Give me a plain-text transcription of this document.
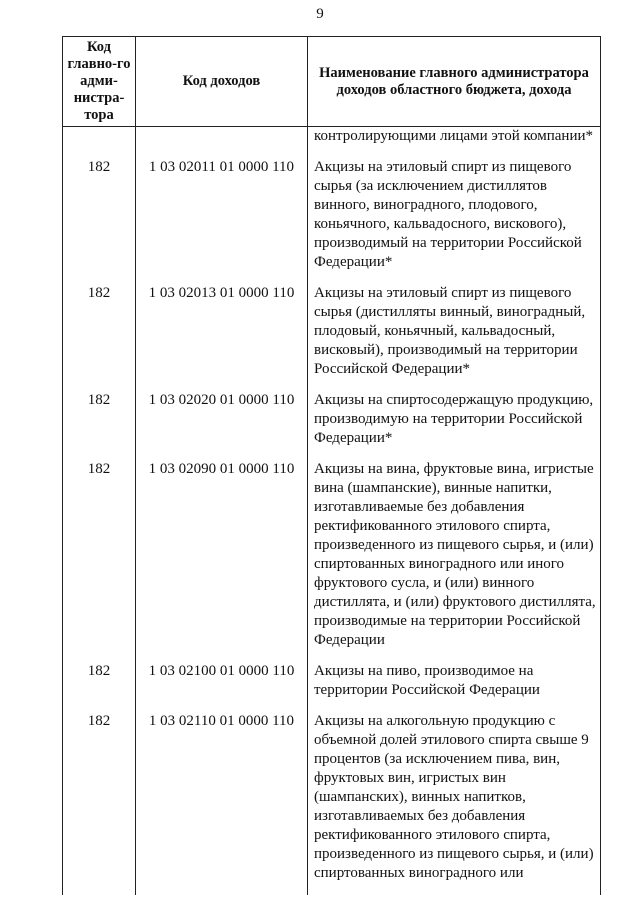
9
Код главно-го адми-нистра-тора	Код доходов	Наименование главного администратора доходов областного бюджета, дохода
		контролирующими лицами этой компании*
182	1 03 02011 01 0000 110	Акцизы на этиловый спирт из пищевого сырья (за исключением дистиллятов винного, виноградного, плодового, коньячного, кальвадосного, вискового), производимый на территории Российской Федерации*
182	1 03 02013 01 0000 110	Акцизы на этиловый спирт из пищевого сырья (дистилляты винный, виноградный, плодовый, коньячный, кальвадосный, висковый), производимый на территории Российской Федерации*
182	1 03 02020 01 0000 110	Акцизы на спиртосодержащую продукцию, производимую на территории Российской Федерации*
182	1 03 02090 01 0000 110	Акцизы на вина, фруктовые вина, игристые вина (шампанские), винные напитки, изготавливаемые без добавления ректификованного этилового спирта, произведенного из пищевого сырья, и (или) спиртованных виноградного или иного фруктового сусла, и (или) винного дистиллята, и (или) фруктового дистиллята, производимые на территории Российской Федерации
182	1 03 02100 01 0000 110	Акцизы на пиво, производимое на территории Российской Федерации
182	1 03 02110 01 0000 110	Акцизы на алкогольную продукцию с объемной долей этилового спирта свыше 9 процентов (за исключением пива, вин, фруктовых вин, игристых вин (шампанских), винных напитков, изготавливаемых без добавления ректификованного этилового спирта, произведенного из пищевого сырья, и (или) спиртованных виноградного или
